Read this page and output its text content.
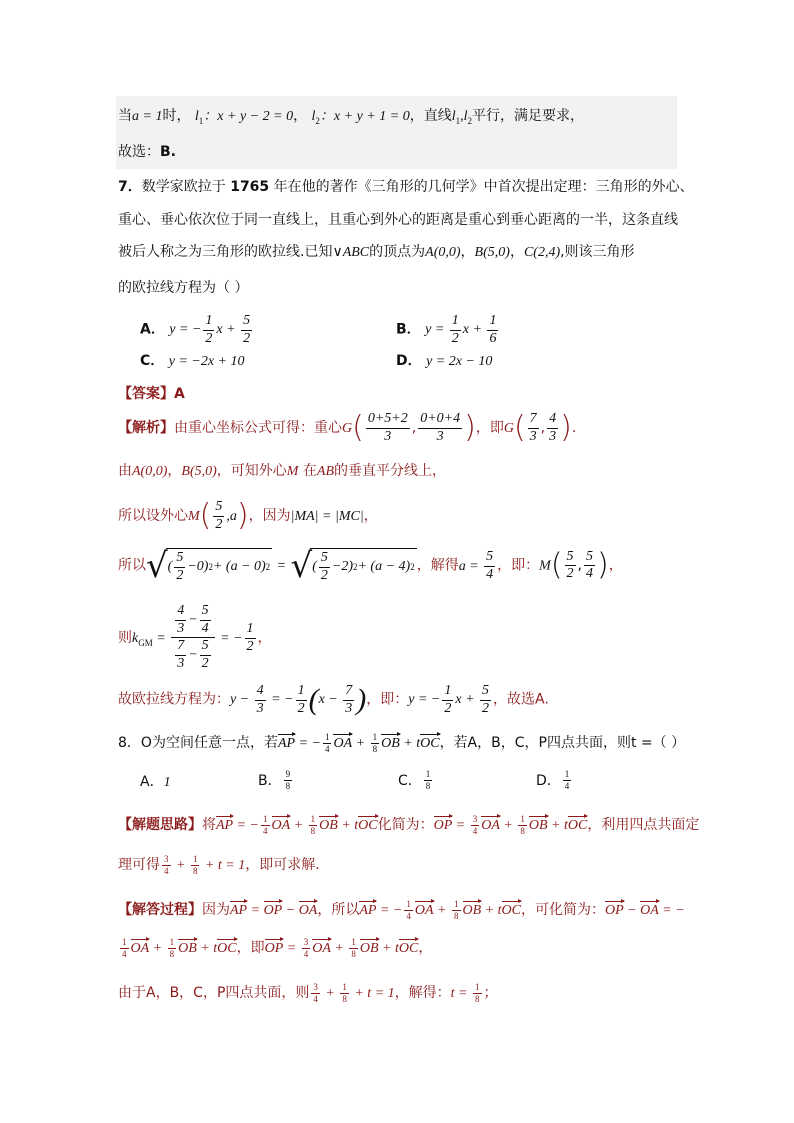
当a = 1时， $l_1$：x + y − 2 = 0， $l_2$：x + y + 1 = 0，直线$l_1,l_2$平行，满足要求，
故选：B.
7．数学家欧拉于 1765 年在他的著作《三角形的几何学》中首次提出定理：三角形的外心、
重心、垂心依次位于同一直线上，且重心到外心的距离是重心到垂心距离的一半，这条直线
被后人称之为三角形的欧拉线.已知∨ABC的顶点为A(0,0)，B(5,0)，C(2,4),则该三角形
的欧拉线方程为（ ）
A． y = − $\frac{1}{2}$ $x + \frac{5}{2}$	B． $y = \frac{1}{2}$ $x + \frac{1}{6}$
C． y = −2x + 10	D． y = 2x − 10
【答案】A
【解析】由重心坐标公式可得：重心$G( \frac{0+5+2}{3}$ , $\frac{0+0+4}{3}$ )，即$G( \frac{7}{3}$ , $\frac{4}{3}$ ).
由A(0,0)，B(5,0)，可知外心M 在AB的垂直平分线上，
所以设外心$M( \frac{5}{2} ,a)$，因为|MA| = |MC|，
所以 √ ( $\frac{5}{2} -0$) 2 + (a − 0) 2 = √ ( $\frac{5}{2} -2$) 2 + (a − 4) 2 ，解得$a = \frac{5}{4}$ ，即：$M( \frac{5}{2}$ , $\frac{5}{4}$ )，
则$k_{GM} = \frac{\frac{4}{3} - \frac{5}{4}}{\frac{7}{3} - \frac{5}{2}}$ = − $\frac{1}{2}$ ，
故欧拉线方程为：$y - \frac{4}{3}$ = − $\frac{1}{2} (x - \frac{7}{3}$ )，即：y = − $\frac{1}{2}$ $x + \frac{5}{2}$ ，故选A.
8．O为空间任意一点，若AP = − $\frac{1}{4}$ OA + $\frac{1}{8}$ OB + tOC，若A，B，C，P四点共面，则t =（ ）
A．1	B． $\frac{9}{8}$	C． $\frac{1}{8}$	D． $\frac{1}{4}$
【解题思路】将AP = − $\frac{1}{4}$ OA + $\frac{1}{8}$ OB + tOC化简为：OP = $\frac{3}{4}$ OA + $\frac{1}{8}$ OB + tOC，利用四点共面定
理可得 $\frac{3}{4} + \frac{1}{8} + t = 1$，即可求解.
【解答过程】因为AP = OP − OA，所以AP = − $\frac{1}{4}$ OA + $\frac{1}{8}$ OB + tOC，可化简为：OP − OA = −
$\frac{1}{4}$ OA + $\frac{1}{8}$ OB + tOC，即OP = $\frac{3}{4}$ OA + $\frac{1}{8}$ OB + tOC，
由于A，B，C，P四点共面，则 $\frac{3}{4} + \frac{1}{8} + t = 1$，解得：$t = \frac{1}{8}$ ；
